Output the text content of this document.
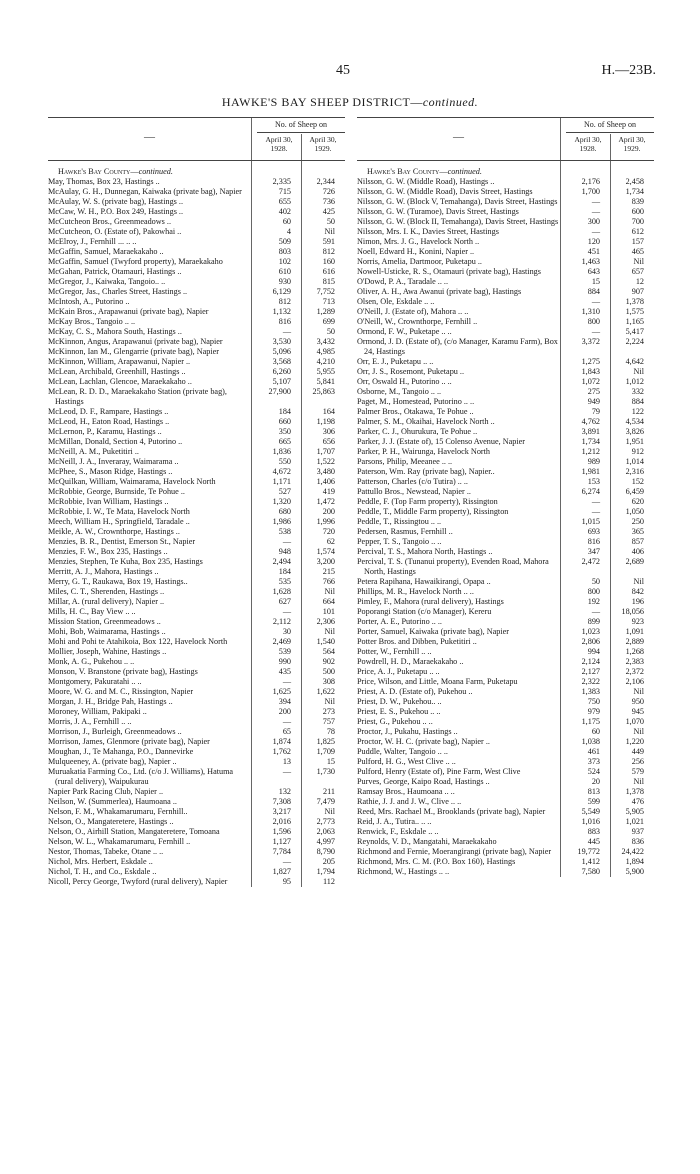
45	H.—23B.
HAWKE'S BAY SHEEP DISTRICT—continued.
—
No. of Sheep on
April 30, 1928.
April 30, 1929.
Hawke's Bay County—continued.
May, Thomas, Box 23, Hastings ..	2,335	2,344
McAulay, G. H., Dunnegan, Kaiwaka (private bag), Napier	715	726
McAulay, W. S. (private bag), Hastings ..	655	736
McCaw, W. H., P.O. Box 249, Hastings ..	402	425
McCutcheon Bros., Greenmeadows ..	60	50
McCutcheon, O. (Estate of), Pakowhai ..	4	Nil
McElroy, J., Fernhill ... .. ..	509	591
McGaffin, Samuel, Maraekakaho ..	803	812
McGaffin, Samuel (Twyford property), Maraekakaho	102	160
McGahan, Patrick, Otamauri, Hastings ..	610	616
McGregor, J., Kaiwaka, Tangoio.. ..	930	815
McGregor, Jas., Charles Street, Hastings ..	6,129	7,752
McIntosh, A., Putorino ..	812	713
McKain Bros., Arapawanui (private bag), Napier	1,132	1,289
McKay Bros., Tangoio .. ..	816	699
McKay, C. S., Mahora South, Hastings ..	—	50
McKinnon, Angus, Arapawanui (private bag), Napier	3,530	3,432
McKinnon, Ian M., Glengarrie (private bag), Napier	5,096	4,985
McKinnon, William, Arapawanui, Napier ..	3,568	4,210
McLean, Archibald, Greenhill, Hastings ..	6,260	5,955
McLean, Lachlan, Glencoe, Maraekakaho ..	5,107	5,841
McLean, R. D. D., Maraekakaho Station (private bag), Hastings
27,900	25,863
McLeod, D. F., Rampare, Hastings ..	184	164
McLeod, H., Eaton Road, Hastings ..	660	1,198
McLernon, P., Karamu, Hastings ..	350	306
McMillan, Donald, Section 4, Putorino ..	665	656
McNeill, A. M., Puketitiri ..	1,836	1,707
McNeill, J. A., Inveraray, Waimarama ..	550	1,522
McPhee, S., Mason Ridge, Hastings ..	4,672	3,480
McQuilkan, William, Waimarama, Havelock North	1,171	1,406
McRobbie, George, Burnside, Te Pohue ..	527	419
McRobbie, Ivan William, Hastings ..	1,320	1,472
McRobbie, I. W., Te Mata, Havelock North	680	200
Meech, William H., Springfield, Taradale ..	1,986	1,996
Meikle, A. W., Crownthorpe, Hastings ..	538	720
Menzies, B. R., Dentist, Emerson St., Napier	—	62
Menzies, F. W., Box 235, Hastings ..	948	1,574
Menzies, Stephen, Te Kuha, Box 235, Hastings	2,494	3,200
Merritt, A. J., Mahora, Hastings ..	184	215
Merry, G. T., Raukawa, Box 19, Hastings..	535	766
Miles, C. T., Sherenden, Hastings ..	1,628	Nil
Millar, A. (rural delivery), Napier ..	627	664
Mills, H. C., Bay View .. ..	—	101
Mission Station, Greenmeadows ..	2,112	2,306
Mohi, Bob, Waimarama, Hastings ..	30	Nil
Mohi and Pohi te Atahikoia, Box 122, Havelock North	2,469	1,540
Mollier, Joseph, Wahine, Hastings ..	539	564
Monk, A. G., Pukehou .. ..	990	902
Monson, V. Branstone (private bag), Hastings	435	500
Montgomery, Pakuratahi .. ..	—	308
Moore, W. G. and M. C., Rissington, Napier	1,625	1,622
Morgan, J. H., Bridge Pah, Hastings ..	394	Nil
Moroney, William, Pakipaki ..	200	273
Morris, J. A., Fernhill .. ..	—	757
Morrison, J., Burleigh, Greenmeadows ..	65	78
Morrison, James, Glenmore (private bag), Napier	1,874	1,825
Moughan, J., Te Mahanga, P.O., Dannevirke	1,762	1,709
Mulqueeney, A. (private bag), Napier ..	13	15
Muruakatia Farming Co., Ltd. (c/o J. Williams), Hatuma (rural delivery), Waipukurau
—	1,730
Napier Park Racing Club, Napier ..	132	211
Neilson, W. (Summerlea), Haumoana ..	7,308	7,479
Nelson, F. M., Whakamarumaru, Fernhill..	3,217	Nil
Nelson, O., Mangateretere, Hastings ..	2,016	2,773
Nelson, O., Airhill Station, Mangateretere, Tomoana	1,596	2,063
Nelson, W. L., Whakamarumaru, Fernhill ..	1,127	4,997
Nestor, Thomas, Tabeke, Otane .. ..	7,784	8,790
Nichol, Mrs. Herbert, Eskdale ..	—	205
Nichol, T. H., and Co., Eskdale ..	1,827	1,794
Nicoll, Percy George, Twyford (rural delivery), Napier	95	112
—
No. of Sheep on
April 30, 1928.
April 30, 1929.
Hawke's Bay County—continued.
Nilsson, G. W. (Middle Road), Hastings ..	2,176	2,458
Nilsson, G. W. (Middle Road), Davis Street, Hastings	1,700	1,734
Nilsson, G. W. (Block V, Temahanga), Davis Street, Hastings	—	839
Nilsson, G. W. (Turamoe), Davis Street, Hastings	—	600
Nilsson, G. W. (Block II, Temahanga), Davis Street, Hastings	300	700
Nilsson, Mrs. I. K., Davies Street, Hastings	—	612
Nimon, Mrs. J. G., Havelock North ..	120	157
Noell, Edward H., Konini, Napier ..	451	465
Norris, Amelia, Dartmoor, Puketapu ..	1,463	Nil
Nowell-Usticke, R. S., Otamauri (private bag), Hastings	643	657
O'Dowd, P. A., Taradale .. ..	15	12
Oliver, A. H., Awa Awanui (private bag), Hastings	884	907
Olsen, Ole, Eskdale .. ..	—	1,378
O'Neill, J. (Estate of), Mahora .. ..	1,310	1,575
O'Neill, W., Crownthorpe, Fernhill ..	800	1,165
Ormond, F. W., Puketape .. ..	—	5,417
Ormond, J. D. (Estate of), (c/o Manager, Karamu Farm), Box 24, Hastings
3,372	2,224
Orr, E. J., Puketapu .. ..	1,275	4,642
Orr, J. S., Rosemont, Puketapu ..	1,843	Nil
Orr, Oswald H., Putorino .. ..	1,072	1,012
Osborne, M., Tangoio .. ..	275	332
Paget, M., Homestead, Putorino .. ..	949	884
Palmer Bros., Otakawa, Te Pohue ..	79	122
Palmer, S. M., Okaihai, Havelock North ..	4,762	4,534
Parker, C. J., Ohurukura, Te Pohue ..	3,891	3,826
Parker, J. J. (Estate of), 15 Colenso Avenue, Napier	1,734	1,951
Parker, P. H., Wairunga, Havelock North	1,212	912
Parsons, Philip, Meeanee .. ..	989	1,014
Paterson, Wm. Ray (private bag), Napier..	1,981	2,316
Patterson, Charles (c/o Tutira) .. ..	153	152
Pattullo Bros., Newstead, Napier ..	6,274	6,459
Peddle, F. (Top Farm property), Rissington	—	620
Peddle, T., Middle Farm property), Rissington	—	1,050
Peddle, T., Rissingtou .. ..	1,015	250
Pedersen, Rasmus, Fernhill ..	693	365
Pepper, T. S., Tangoio .. ..	816	857
Percival, T. S., Mahora North, Hastings ..	347	406
Percival, T. S. (Tunanui property), Evenden Road, Mahora North, Hastings
2,472	2,689
Petera Rapihana, Hawaikirangi, Opapa ..	50	Nil
Phillips, M. R., Havelock North .. ..	800	842
Pimley, F., Mahora (rural delivery), Hastings	192	196
Poporangi Station (c/o Manager), Kereru	—	18,056
Porter, A. E., Putorino .. ..	899	923
Porter, Samuel, Kaiwaka (private bag), Napier	1,023	1,091
Potter Bros. and Dibben, Puketitiri ..	2,806	2,889
Potter, W., Fernhill .. ..	994	1,268
Powdrell, H. D., Maraekakaho ..	2,124	2,383
Price, A. J., Puketapu .. ..	2,127	2,372
Price, Wilson, and Little, Moana Farm, Puketapu	2,322	2,106
Priest, A. D. (Estate of), Pukehou ..	1,383	Nil
Priest, D. W., Pukehou.. ..	750	950
Priest, E. S., Pukehou .. ..	979	945
Priest, G., Pukehou .. ..	1,175	1,070
Proctor, J., Pukahu, Hastings ..	60	Nil
Proctor, W. H. C. (private bag), Napier ..	1,038	1,220
Puddle, Walter, Tangoio .. ..	461	449
Pulford, H. G., West Clive .. ..	373	256
Pulford, Henry (Estate of), Pine Farm, West Clive	524	579
Purves, George, Kaipo Road, Hastings ..	20	Nil
Ramsay Bros., Haumoana .. ..	813	1,378
Rathie, J. J. and J. W., Clive .. ..	599	476
Reed, Mrs. Rachael M., Brooklands (private bag), Napier	5,549	5,905
Reid, J. A., Tutira.. .. ..	1,016	1,021
Renwick, F., Eskdale .. ..	883	937
Reynolds, V. D., Mangatahi, Maraekakaho	445	836
Richmond and Fernie, Moerangirangi (private bag), Napier	19,772	24,422
Richmond, Mrs. C. M. (P.O. Box 160), Hastings	1,412	1,894
Richmond, W., Hastings .. ..	7,580	5,900
